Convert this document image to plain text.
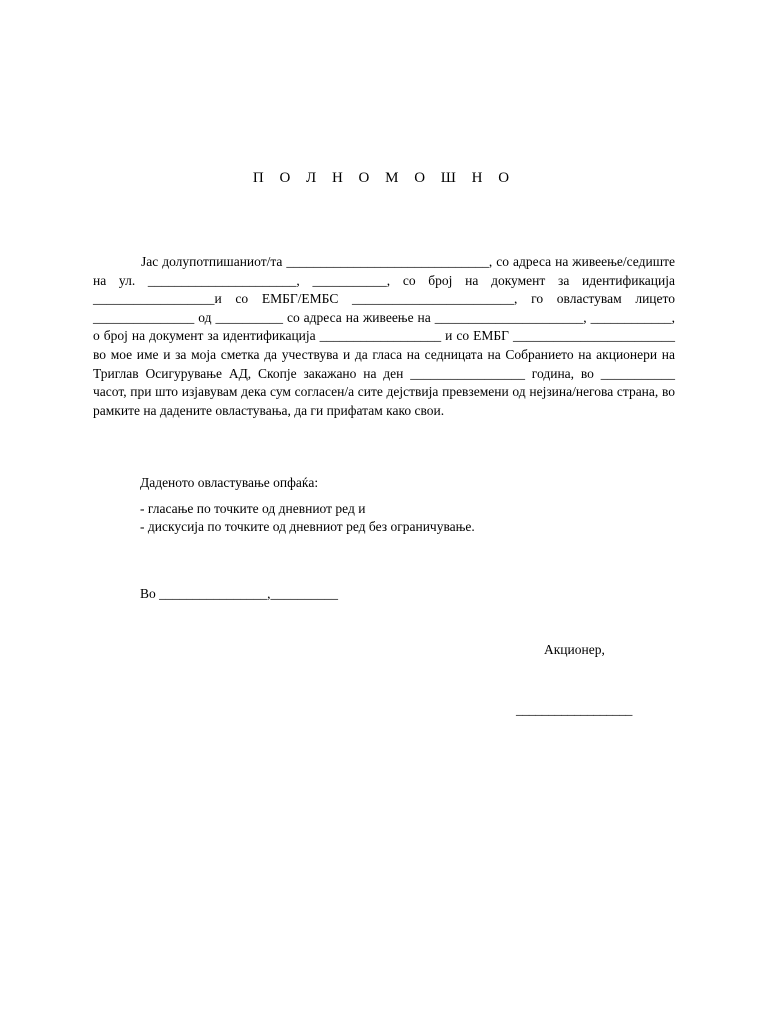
П О Л Н О М О Ш Н О

Јас долупотпишаниот/та ______________________________, со адреса на живеење/седиште на ул. ______________________, ___________, со број на документ за идентификација __________________и со ЕМБГ/ЕМБС ________________________, го овластувам лицето _______________ од __________ со адреса на живеење на ______________________, ____________, о број на документ за идентификација __________________ и со ЕМБГ ________________________ во мое име и за моја сметка да учествува и да гласа на седницата на Собранието на акционери на Триглав Осигурување АД, Скопје закажано на ден _________________ година, во ___________ часот, при што изјавувам дека сум согласен/а сите дејствија превземени од нејзина/негова страна, во рамките на дадените овластувања, да ги прифатам како свои.

Даденото овластување опфаќа:
- гласање по точките од дневниот ред и
- дискусија по точките од дневниот ред без ограничување.
Во ________________,__________
Акционер,
__________________
